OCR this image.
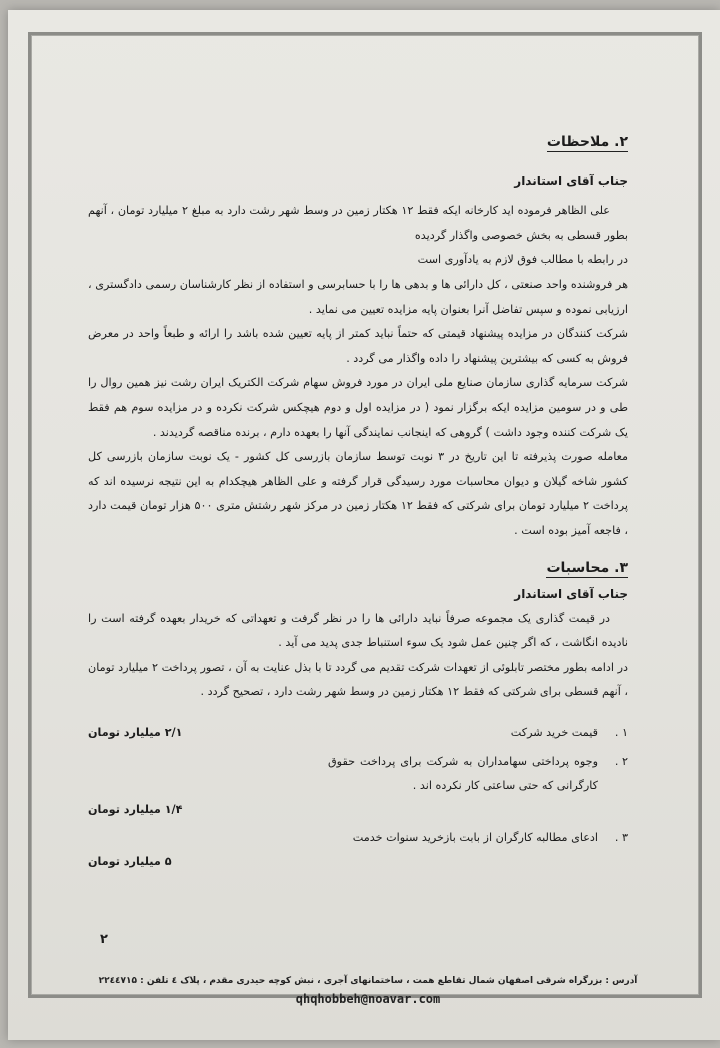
۲. ملاحظات

جناب آقای استاندار

علی الظاهر فرموده اید کارخانه ایکه فقط ۱۲ هکتار زمین در وسط شهر رشت دارد به مبلغ ۲ میلیارد تومان ، آنهم بطور قسطی به بخش خصوصی واگذار گردیده

در رابطه با مطالب فوق لازم به یادآوری است

هر فروشنده واحد صنعتی ، کل دارائی ها و بدهی ها را با حسابرسی و استفاده از نظر کارشناسان رسمی دادگستری ، ارزیابی نموده و سپس تفاضل آنرا بعنوان پایه مزایده تعیین می نماید .

شرکت کنندگان در مزایده پیشنهاد قیمتی که حتماً نباید کمتر از پایه تعیین شده باشد را ارائه و طبعاً واحد در معرض فروش به کسی که بیشترین پیشنهاد را داده واگذار می گردد .

شرکت سرمایه گذاری سازمان صنایع ملی ایران در مورد فروش سهام شرکت الکتریک ایران رشت نیز همین روال را طی و در سومین مزایده ایکه برگزار نمود ( در مزایده اول و دوم هیچکس شرکت نکرده و در مزایده سوم هم فقط یک شرکت کننده وجود داشت ) گروهی که اینجانب نمایندگی آنها را بعهده دارم ، برنده مناقصه گردیدند .

معامله صورت پذیرفته تا این تاریخ در ۳ نوبت توسط سازمان بازرسی کل کشور - یک نوبت سازمان بازرسی کل کشور شاخه گیلان و دیوان محاسبات مورد رسیدگی قرار گرفته و علی الظاهر هیچکدام به این نتیجه نرسیده اند که پرداخت ۲ میلیارد تومان برای شرکتی که فقط ۱۲ هکتار زمین در مرکز شهر رشتش متری ۵۰۰ هزار تومان قیمت دارد ، فاجعه آمیز بوده است .

۳. محاسبات

جناب آقای استاندار

در قیمت گذاری یک مجموعه صرفاً نباید دارائی ها را در نظر گرفت و تعهداتی که خریدار بعهده گرفته است را نادیده انگاشت ، که اگر چنین عمل شود یک سوء استنباط جدی پدید می آید .

در ادامه بطور مختصر تابلوئی از تعهدات شرکت تقدیم می گردد تا با بذل عنایت به آن ، تصور پرداخت ۲ میلیارد تومان ، آنهم قسطی برای شرکتی که فقط ۱۲ هکتار زمین در وسط شهر رشت دارد ، تصحیح گردد .

۱ .
قیمت خرید شرکت
۲/۱ میلیارد تومان
۲ .
وجوه پرداختی سهامداران به شرکت برای پرداخت حقوق کارگرانی که حتی ساعتی کار نکرده اند .
۱/۴ میلیارد تومان
۳ .
ادعای مطالبه کارگران از بابت بازخرید سنوات خدمت
۵ میلیارد تومان
۲
آدرس : بزرگراه شرقی اصفهان شمال تقاطع همت ، ساختمانهای آجری ، نبش کوچه حیدری مقدم ، پلاک ٤ تلفن : ۲۲٤٤۷۱۵
qhqhobbeh@noavar.com
